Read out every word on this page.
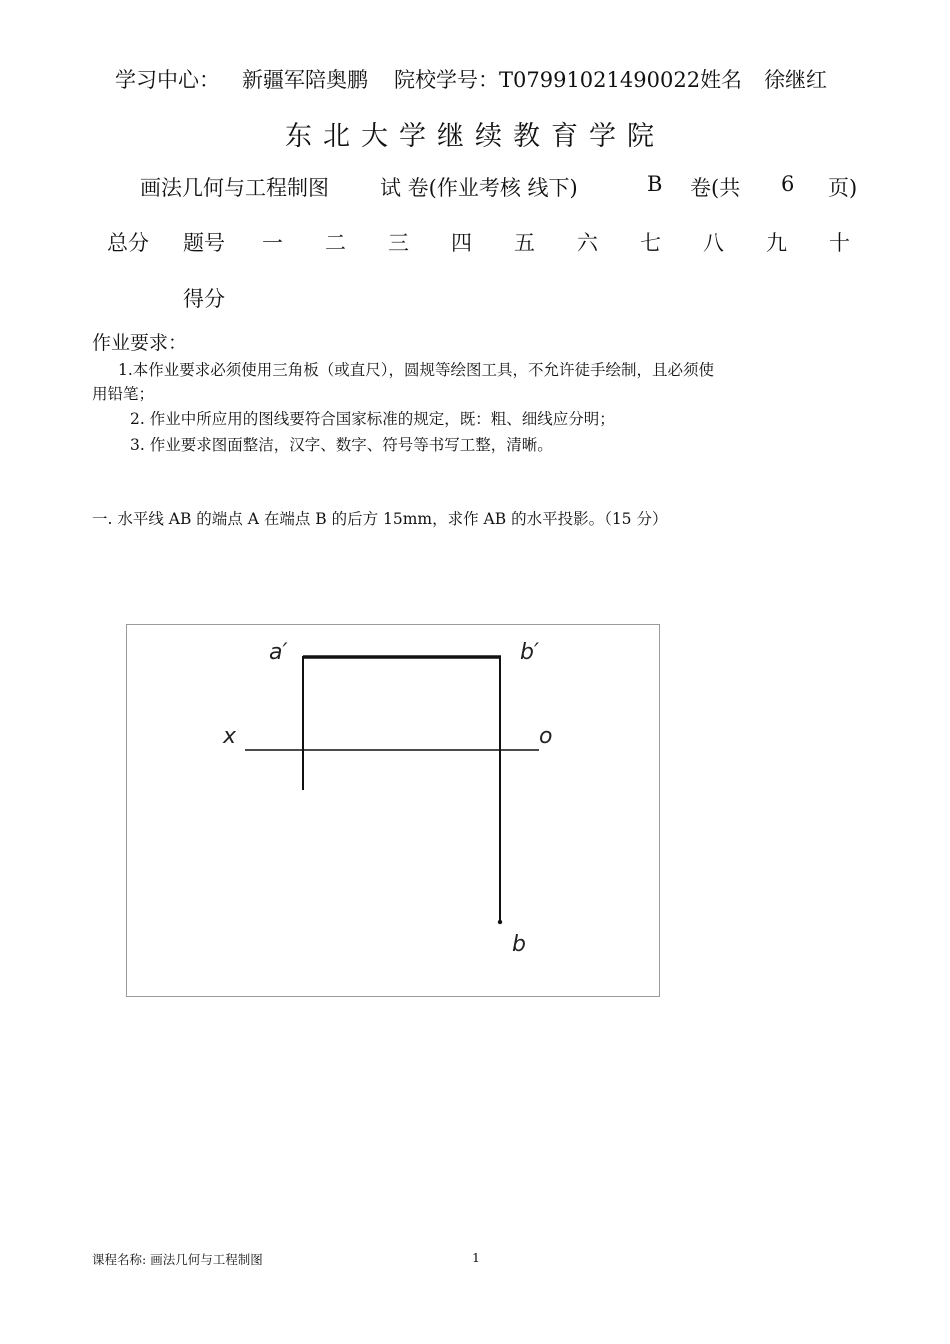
学习中心： 新疆军陪奥鹏 院校学号：T07991021490022姓名 徐继红
东北大学继续教育学院
画法几何与工程制图 试 卷(作业考核 线下)	B 卷(共 6 页)
总分 题号 一 二 三 四 五 六 七 八 九 十
得分
作业要求：
1.本作业要求必须使用三角板（或直尺），圆规等绘图工具，不允许徒手绘制，且必须使
用铅笔；
2. 作业中所应用的图线要符合国家标准的规定，既：粗、细线应分明；
3. 作业要求图面整洁，汉字、数字、符号等书写工整，清晰。
一. 水平线 AB 的端点 A 在端点 B 的后方 15mm，求作 AB 的水平投影。（15 分）
a′	b′
x	o
b
课程名称: 画法几何与工程制图	1
